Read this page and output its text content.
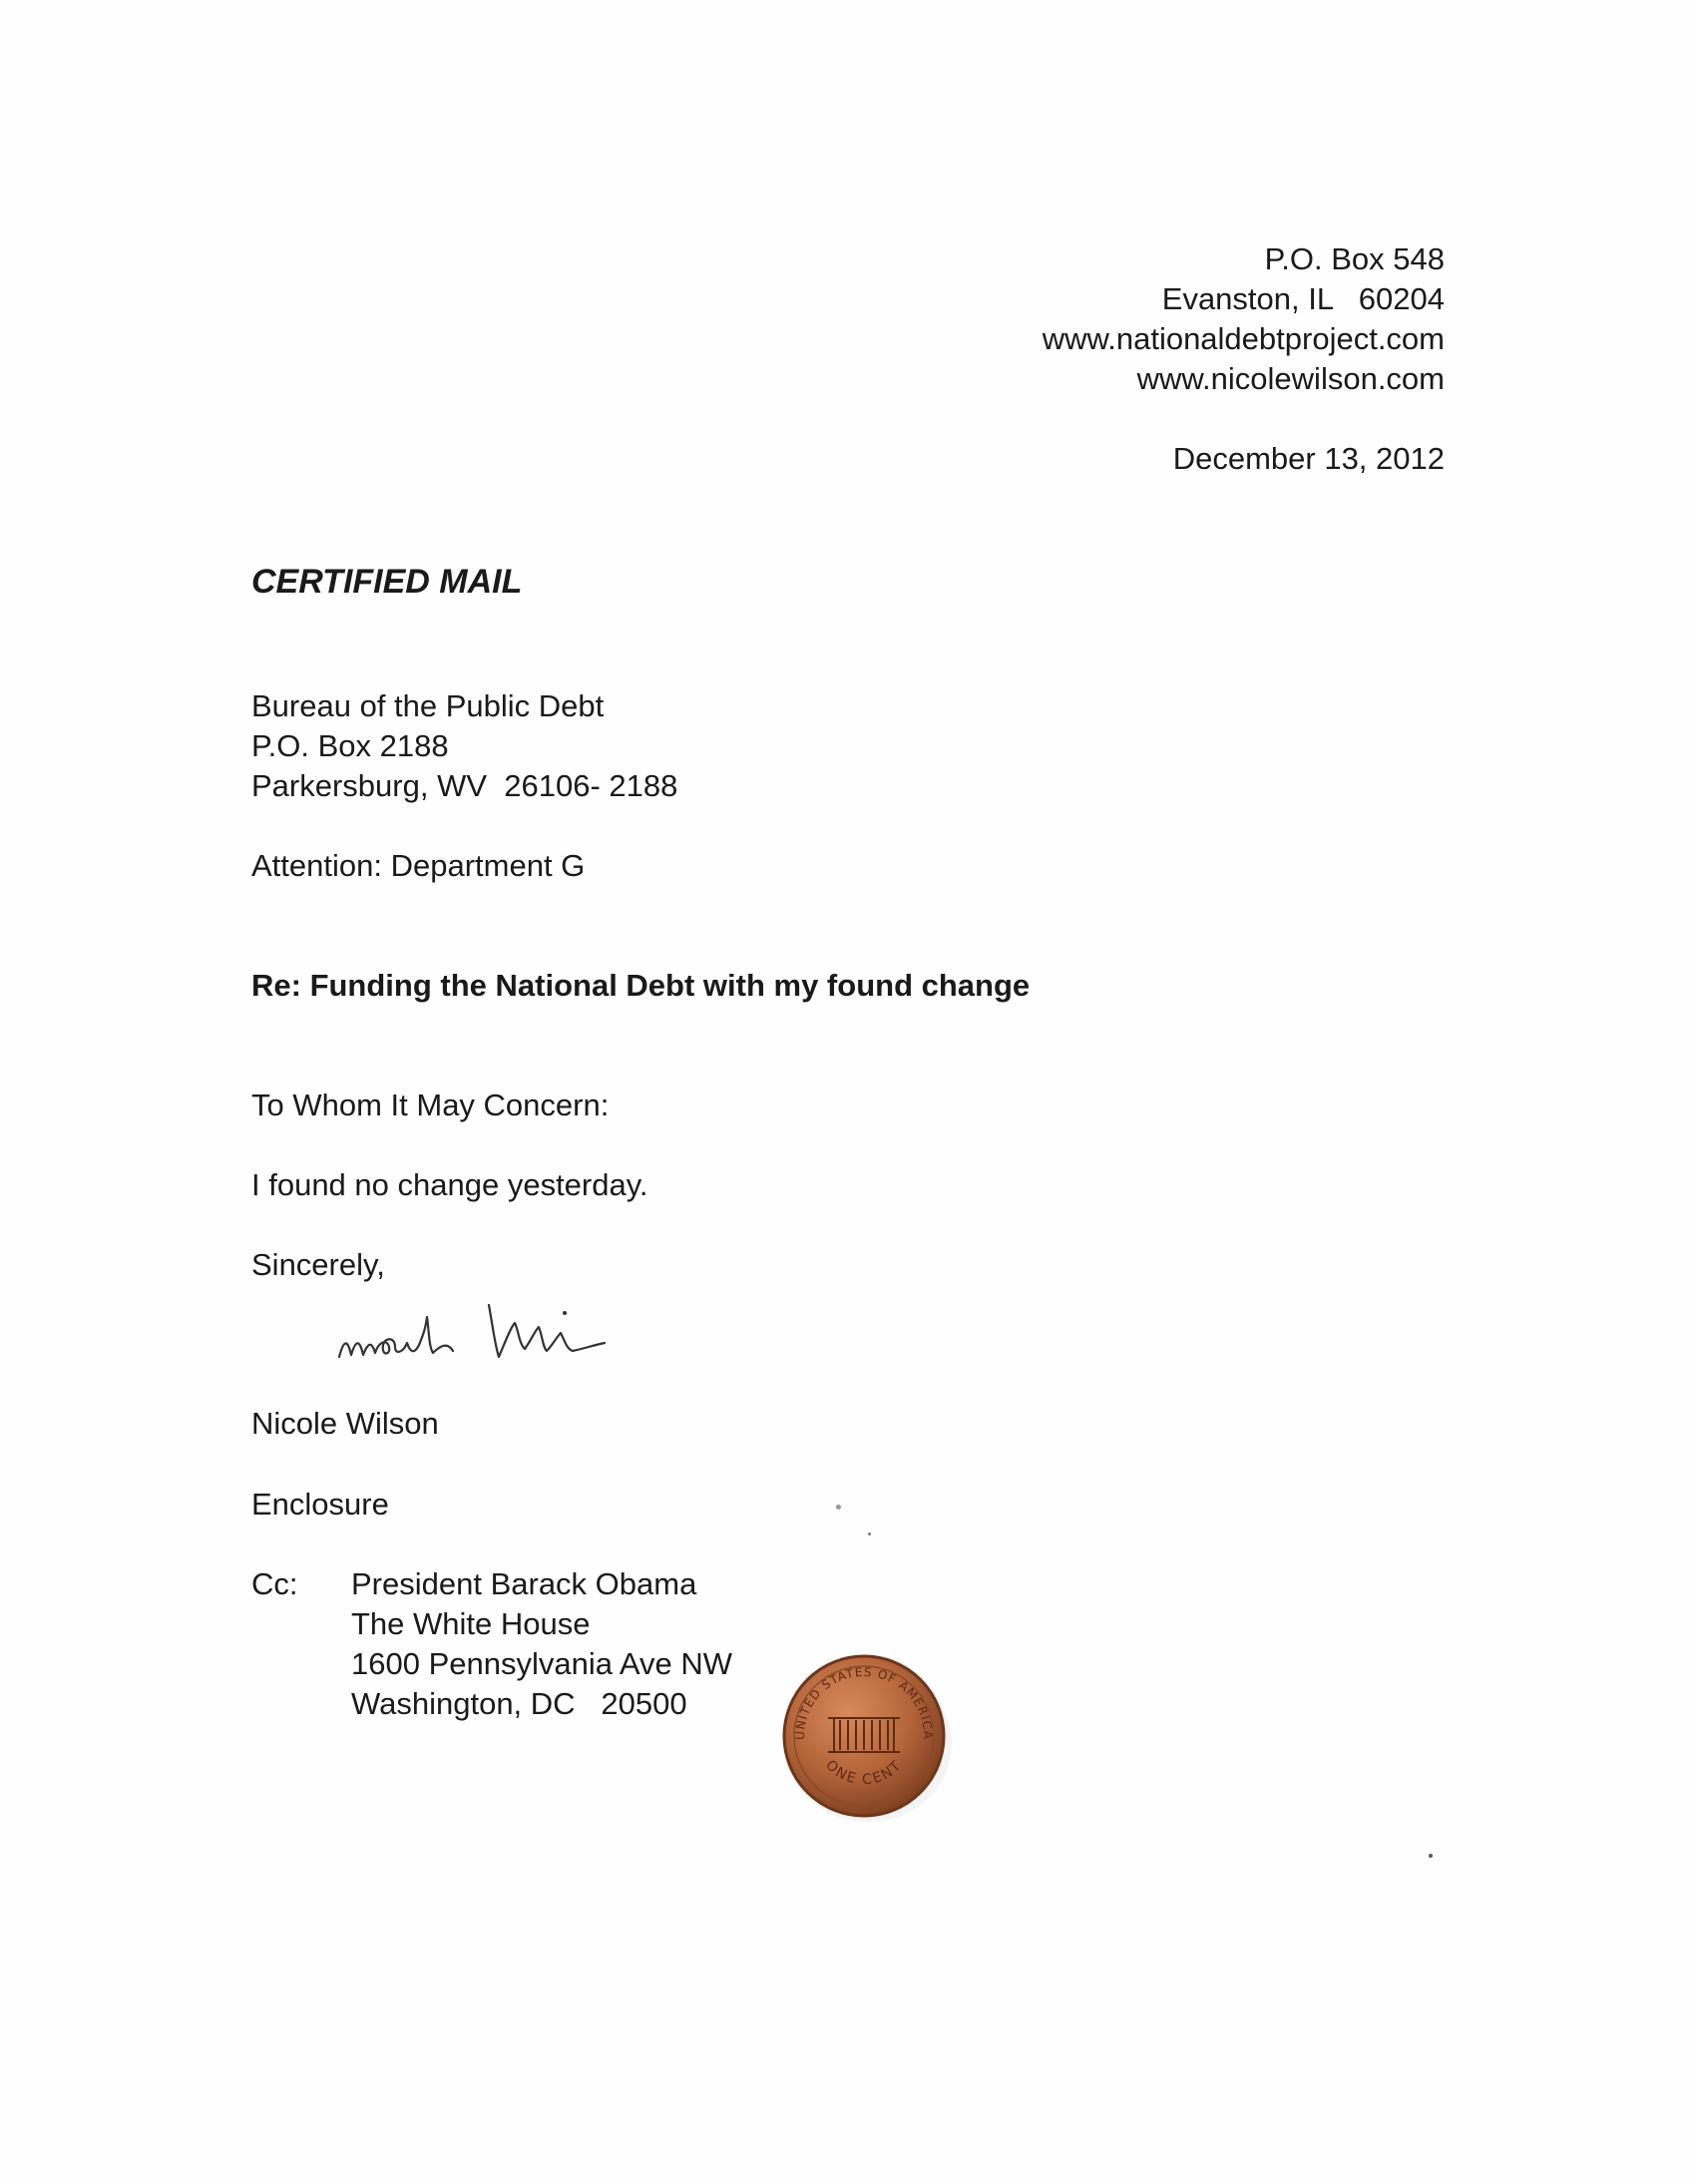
P.O. Box 548
Evanston, IL   60204
www.nationaldebtproject.com
www.nicolewilson.com
December 13, 2012
CERTIFIED MAIL
Bureau of the Public Debt
P.O. Box 2188
Parkersburg, WV  26106- 2188
Attention: Department G
Re: Funding the National Debt with my found change
To Whom It May Concern:
I found no change yesterday.
Sincerely,
Nicole Wilson
Enclosure
Cc: President Barack Obama
The White House
1600 Pennsylvania Ave NW
Washington, DC   20500
UNITED STATES OF AMERICA
ONE CENT
